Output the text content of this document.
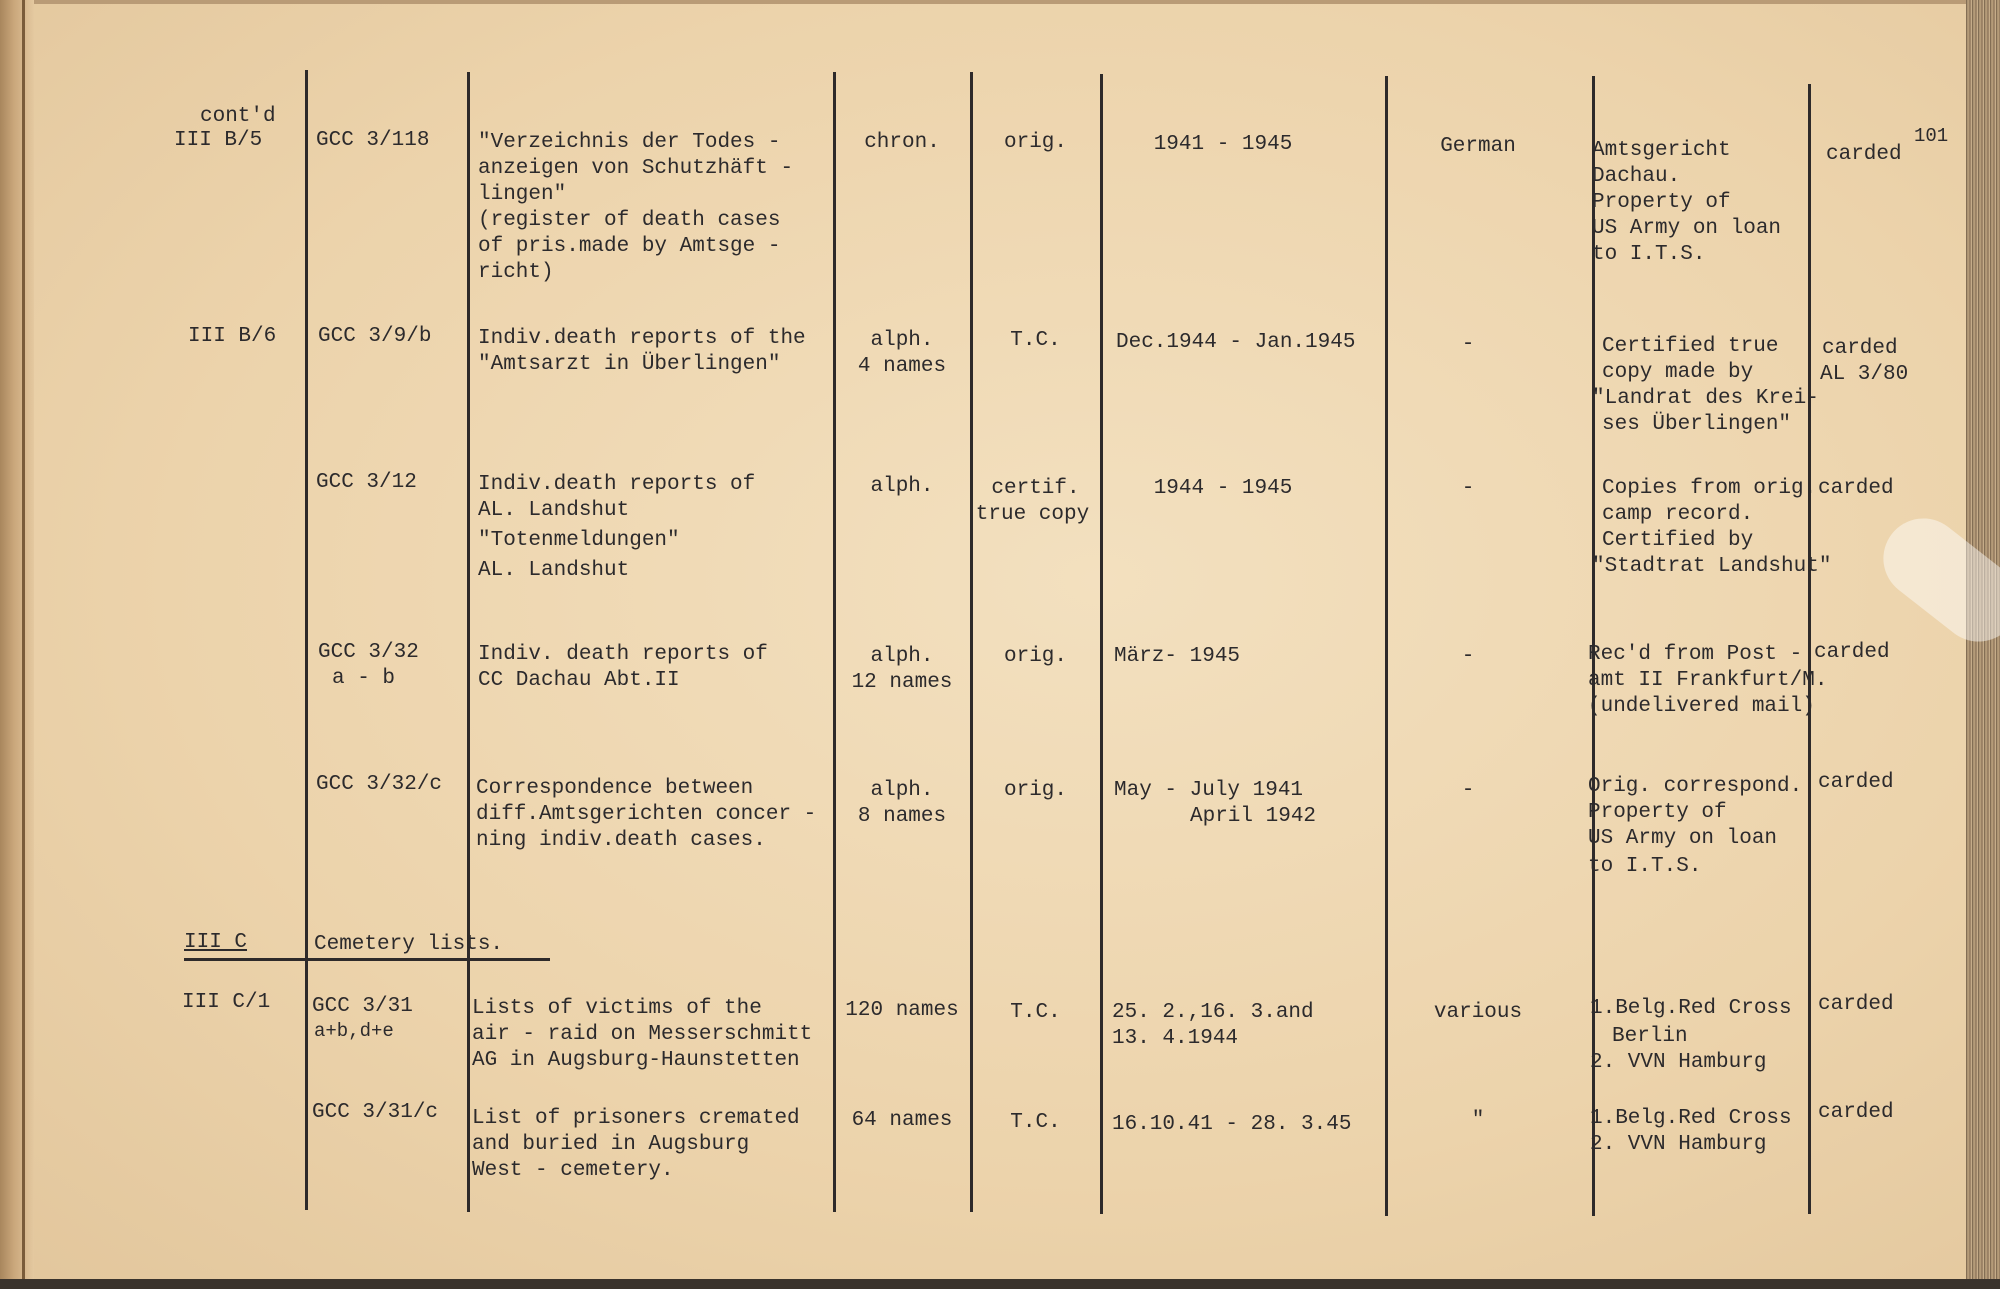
101
cont'd
III B/5	GCC 3/118 "Verzeichnis der Todes -
anzeigen von Schutzhäft -
lingen"
(register of death cases
of pris.made by Amtsge -
richt)
chron.	orig.	1941 - 1945	German	Amtsgericht
Dachau.
Property of
US Army on loan
to I.T.S.
carded
III B/6 GCC 3/9/b Indiv.death reports of the
"Amtsarzt in Überlingen"
alph.
4 names
T.C.	Dec.1944 - Jan.1945	-	Certified true
copy made by
"Landrat des Krei-
ses Überlingen"
carded
AL 3/80
GCC 3/12	Indiv.death reports of
AL. Landshut
"Totenmeldungen"
AL. Landshut
alph.	certif.
true copy
1944 - 1945	-	Copies from orig.
camp record.
Certified by
"Stadtrat Landshut"
carded
GCC 3/32
a - b
Indiv. death reports of
CC Dachau Abt.II
alph.
12 names
orig.	März- 1945	-	Rec'd from Post -
amt II Frankfurt/M.
(undelivered mail)
carded
GCC 3/32/c Correspondence between
diff.Amtsgerichten concer -
ning indiv.death cases.
alph.
8 names
orig.	May - July 1941
April 1942
-	Orig. correspond.
Property of
US Army on loan
to I.T.S.
carded
III C	Cemetery lists.
III C/1 GCC 3/31
a+b,d+e
Lists of victims of the
air - raid on Messerschmitt
AG in Augsburg-Haunstetten
120 names	T.C.	25. 2.,16. 3.and
13. 4.1944
various	1.Belg.Red Cross
Berlin
2. VVN Hamburg
carded
GCC 3/31/c List of prisoners cremated
and buried in Augsburg
West - cemetery.
64 names	T.C.	16.10.41 - 28. 3.45	"	1.Belg.Red Cross
2. VVN Hamburg
carded
